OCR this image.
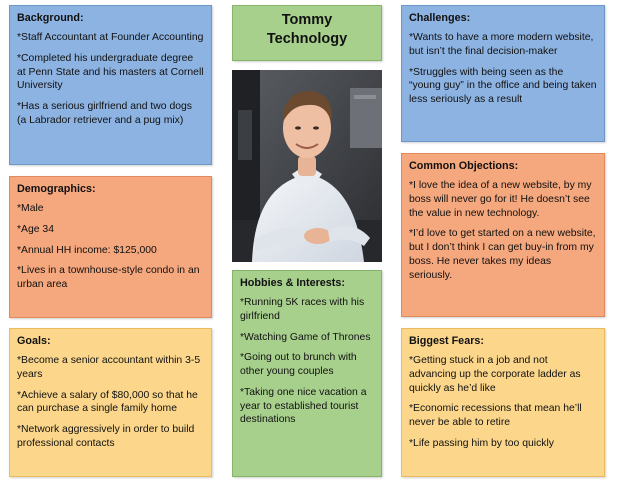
Background:

*Staff Accountant at Founder Accounting

*Completed his undergraduate degree at Penn State and his masters at Cornell University

*Has a serious girlfriend and two dogs (a Labrador retriever and a pug mix)

Demographics:

*Male

*Age 34

*Annual HH income: $125,000

*Lives in a townhouse-style condo in an urban area

Goals:

*Become a senior accountant within 3-5 years

*Achieve a salary of $80,000 so that he can purchase a single family home

*Network aggressively in order to build professional contacts

Tommy
Technology
Hobbies & Interests:

*Running 5K races with his girlfriend

*Watching Game of Thrones

*Going out to brunch with other young couples

*Taking one nice vacation a year to established tourist destinations

Challenges:

*Wants to have a more modern website, but isn’t the final decision-maker

*Struggles with being seen as the “young guy” in the office and being taken less seriously as a result

Common Objections:

*I love the idea of a new website, by my boss will never go for it! He doesn’t see the value in new technology.

*I’d love to get started on a new website, but I don’t think I can get buy-in from my boss. He never takes my ideas seriously.

Biggest Fears:

*Getting stuck in a job and not advancing up the corporate ladder as quickly as he’d like

*Economic recessions that mean he’ll never be able to retire

*Life passing him by too quickly
